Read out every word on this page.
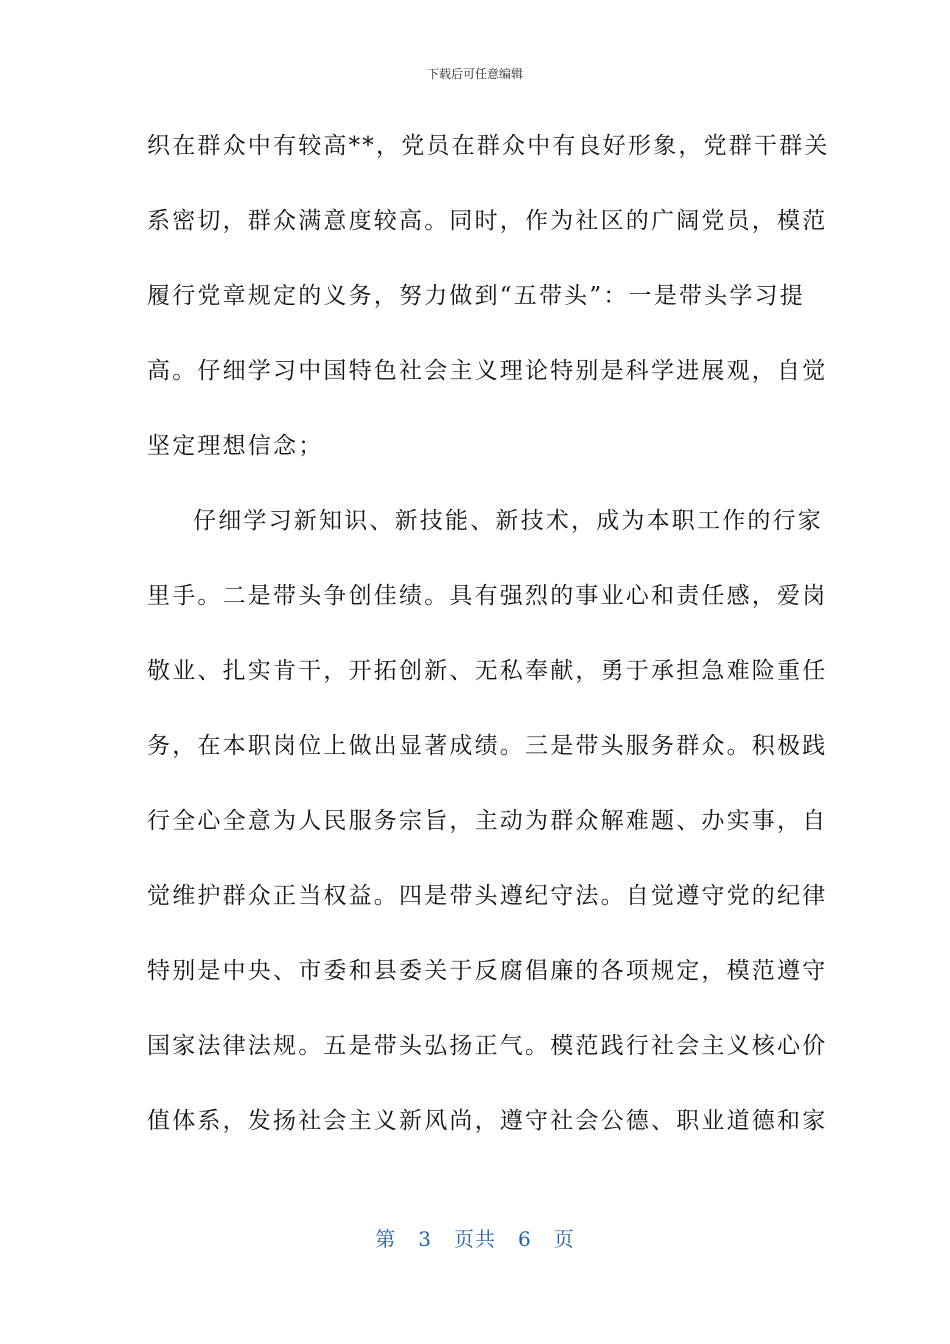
下载后可任意编辑
织在群众中有较高**，党员在群众中有良好形象，党群干群关
系密切，群众满意度较高。同时，作为社区的广阔党员，模范
履行党章规定的义务，努力做到“五带头”：一是带头学习提
高。仔细学习中国特色社会主义理论特别是科学进展观，自觉
坚定理想信念；
仔细学习新知识、新技能、新技术，成为本职工作的行家
里手。二是带头争创佳绩。具有强烈的事业心和责任感，爱岗
敬业、扎实肯干，开拓创新、无私奉献，勇于承担急难险重任
务，在本职岗位上做出显著成绩。三是带头服务群众。积极践
行全心全意为人民服务宗旨，主动为群众解难题、办实事，自
觉维护群众正当权益。四是带头遵纪守法。自觉遵守党的纪律
特别是中央、市委和县委关于反腐倡廉的各项规定，模范遵守
国家法律法规。五是带头弘扬正气。模范践行社会主义核心价
值体系，发扬社会主义新风尚，遵守社会公德、职业道德和家
第 3 页共 6 页
